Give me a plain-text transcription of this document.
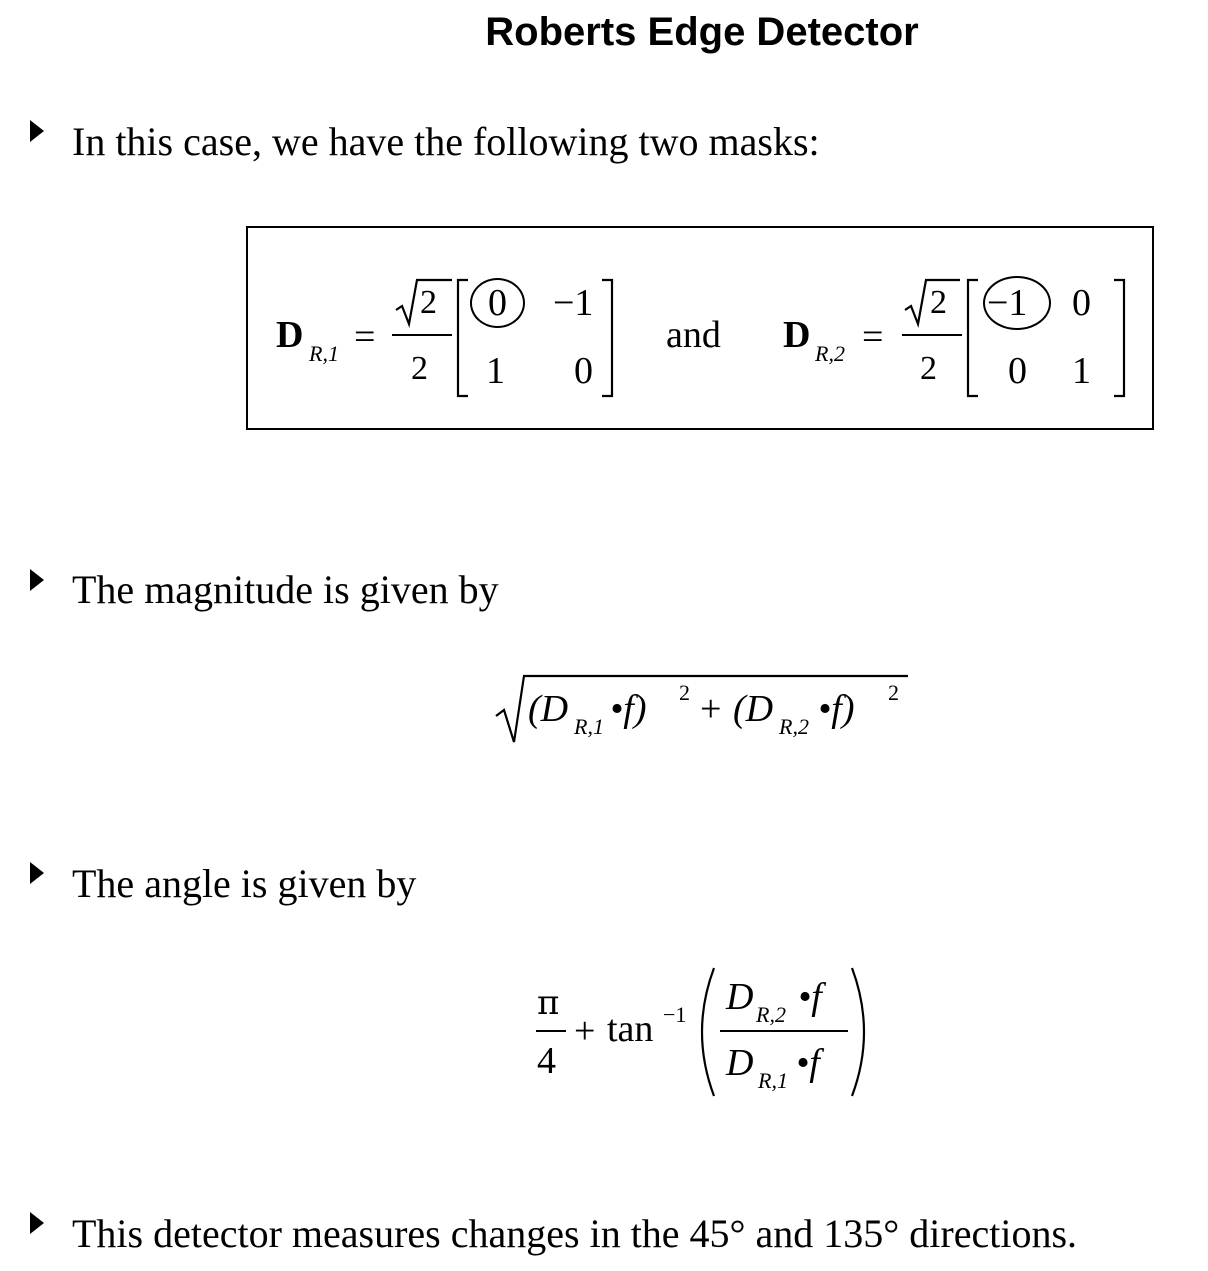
Roberts Edge Detector
In this case, we have the following two masks:
D R,1 =
2
2
0 −1
1 0
and D R,2 =
2
2
−1 0
0 1
The magnitude is given by
(D R,1 •f) 2 + (D R,2 •f) 2
The angle is given by
π
4
+ tan −1 D R,2 •f
D R,1 •f
This detector measures changes in the 45° and 135° directions.
